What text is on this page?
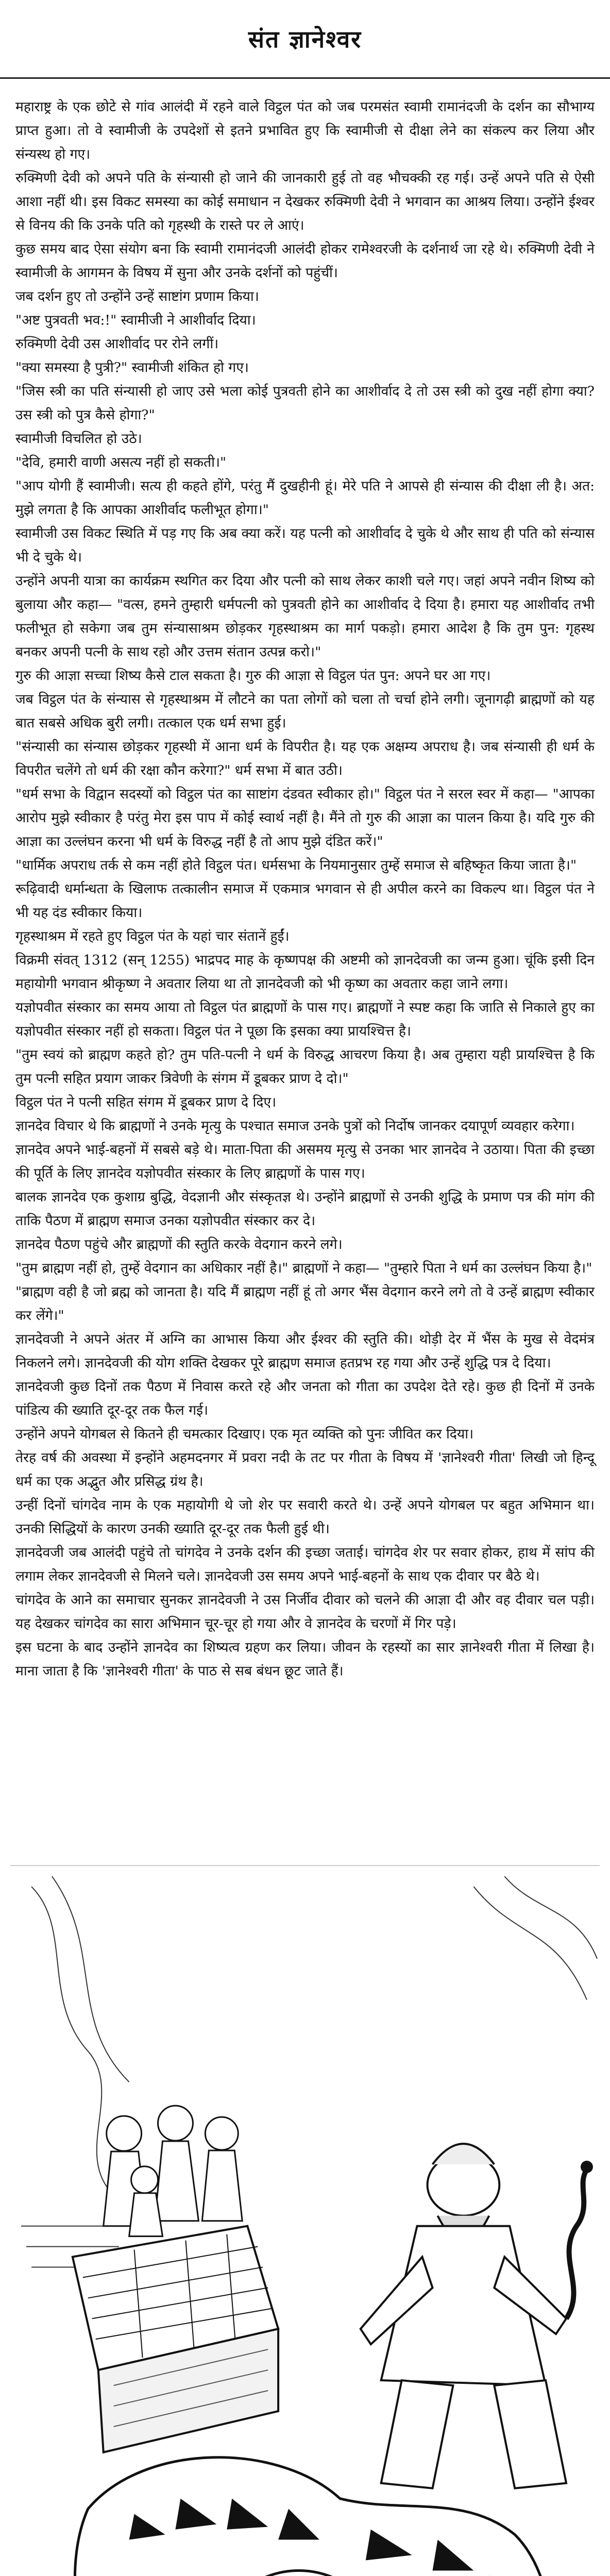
संत ज्ञानेश्वर

महाराष्ट्र के एक छोटे से गांव आलंदी में रहने वाले विट्ठल पंत को जब परमसंत स्वामी रामानंदजी के दर्शन का सौभाग्य प्राप्त हुआ। तो वे स्वामीजी के उपदेशों से इतने प्रभावित हुए कि स्वामीजी से दीक्षा लेने का संकल्प कर लिया और संन्यस्थ हो गए।

रुक्मिणी देवी को अपने पति के संन्यासी हो जाने की जानकारी हुई तो वह भौचक्की रह गई। उन्हें अपने पति से ऐसी आशा नहीं थी। इस विकट समस्या का कोई समाधान न देखकर रुक्मिणी देवी ने भगवान का आश्रय लिया। उन्होंने ईश्वर से विनय की कि उनके पति को गृहस्थी के रास्ते पर ले आएं।

कुछ समय बाद ऐसा संयोग बना कि स्वामी रामानंदजी आलंदी होकर रामेश्वरजी के दर्शनार्थ जा रहे थे। रुक्मिणी देवी ने स्वामीजी के आगमन के विषय में सुना और उनके दर्शनों को पहुंचीं।

जब दर्शन हुए तो उन्होंने उन्हें साष्टांग प्रणाम किया।

"अष्ट पुत्रवती भव:!" स्वामीजी ने आशीर्वाद दिया।

रुक्मिणी देवी उस आशीर्वाद पर रोने लगीं।

"क्या समस्या है पुत्री?" स्वामीजी शंकित हो गए।

"जिस स्त्री का पति संन्यासी हो जाए उसे भला कोई पुत्रवती होने का आशीर्वाद दे तो उस स्त्री को दुख नहीं होगा क्या? उस स्त्री को पुत्र कैसे होगा?"

स्वामीजी विचलित हो उठे।

"देवि, हमारी वाणी असत्य नहीं हो सकती।"

"आप योगी हैं स्वामीजी। सत्य ही कहते होंगे, परंतु मैं दुखहीनी हूं। मेरे पति ने आपसे ही संन्यास की दीक्षा ली है। अत: मुझे लगता है कि आपका आशीर्वाद फलीभूत होगा।"

स्वामीजी उस विकट स्थिति में पड़ गए कि अब क्या करें। यह पत्नी को आशीर्वाद दे चुके थे और साथ ही पति को संन्यास भी दे चुके थे।

उन्होंने अपनी यात्रा का कार्यक्रम स्थगित कर दिया और पत्नी को साथ लेकर काशी चले गए। जहां अपने नवीन शिष्य को बुलाया और कहा— "वत्स, हमने तुम्हारी धर्मपत्नी को पुत्रवती होने का आशीर्वाद दे दिया है। हमारा यह आशीर्वाद तभी फलीभूत हो सकेगा जब तुम संन्यासाश्रम छोड़कर गृहस्थाश्रम का मार्ग पकड़ो। हमारा आदेश है कि तुम पुन: गृहस्थ बनकर अपनी पत्नी के साथ रहो और उत्तम संतान उत्पन्न करो।"

गुरु की आज्ञा सच्चा शिष्य कैसे टाल सकता है। गुरु की आज्ञा से विट्ठल पंत पुन: अपने घर आ गए।

जब विट्ठल पंत के संन्यास से गृहस्थाश्रम में लौटने का पता लोगों को चला तो चर्चा होने लगी। जूनागढ़ी ब्राह्मणों को यह बात सबसे अधिक बुरी लगी। तत्काल एक धर्म सभा हुई।

"संन्यासी का संन्यास छोड़कर गृहस्थी में आना धर्म के विपरीत है। यह एक अक्षम्य अपराध है। जब संन्यासी ही धर्म के विपरीत चलेंगे तो धर्म की रक्षा कौन करेगा?" धर्म सभा में बात उठी।

"धर्म सभा के विद्वान सदस्यों को विट्ठल पंत का साष्टांग दंडवत स्वीकार हो।" विट्ठल पंत ने सरल स्वर में कहा— "आपका आरोप मुझे स्वीकार है परंतु मेरा इस पाप में कोई स्वार्थ नहीं है। मैंने तो गुरु की आज्ञा का पालन किया है। यदि गुरु की आज्ञा का उल्लंघन करना भी धर्म के विरुद्ध नहीं है तो आप मुझे दंडित करें।"

"धार्मिक अपराध तर्क से कम नहीं होते विट्ठल पंत। धर्मसभा के नियमानुसार तुम्हें समाज से बहिष्कृत किया जाता है।"

रूढ़िवादी धर्मान्धता के खिलाफ तत्कालीन समाज में एकमात्र भगवान से ही अपील करने का विकल्प था। विट्ठल पंत ने भी यह दंड स्वीकार किया।

गृहस्थाश्रम में रहते हुए विट्ठल पंत के यहां चार संतानें हुईं।

विक्रमी संवत् 1312 (सन् 1255) भाद्रपद माह के कृष्णपक्ष की अष्टमी को ज्ञानदेवजी का जन्म हुआ। चूंकि इसी दिन महायोगी भगवान श्रीकृष्ण ने अवतार लिया था तो ज्ञानदेवजी को भी कृष्ण का अवतार कहा जाने लगा।

यज्ञोपवीत संस्कार का समय आया तो विट्ठल पंत ब्राह्मणों के पास गए। ब्राह्मणों ने स्पष्ट कहा कि जाति से निकाले हुए का यज्ञोपवीत संस्कार नहीं हो सकता। विट्ठल पंत ने पूछा कि इसका क्या प्रायश्चित्त है।

"तुम स्वयं को ब्राह्मण कहते हो? तुम पति-पत्नी ने धर्म के विरुद्ध आचरण किया है। अब तुम्हारा यही प्रायश्चित्त है कि तुम पत्नी सहित प्रयाग जाकर त्रिवेणी के संगम में डूबकर प्राण दे दो।"

विट्ठल पंत ने पत्नी सहित संगम में डूबकर प्राण दे दिए।

ज्ञानदेव विचार थे कि ब्राह्मणों ने उनके मृत्यु के पश्चात समाज उनके पुत्रों को निर्दोष जानकर दयापूर्ण व्यवहार करेगा।

ज्ञानदेव अपने भाई-बहनों में सबसे बड़े थे। माता-पिता की असमय मृत्यु से उनका भार ज्ञानदेव ने उठाया। पिता की इच्छा की पूर्ति के लिए ज्ञानदेव यज्ञोपवीत संस्कार के लिए ब्राह्मणों के पास गए।

बालक ज्ञानदेव एक कुशाग्र बुद्धि, वेदज्ञानी और संस्कृतज्ञ थे। उन्होंने ब्राह्मणों से उनकी शुद्धि के प्रमाण पत्र की मांग की ताकि पैठण में ब्राह्मण समाज उनका यज्ञोपवीत संस्कार कर दे।

ज्ञानदेव पैठण पहुंचे और ब्राह्मणों की स्तुति करके वेदगान करने लगे।

"तुम ब्राह्मण नहीं हो, तुम्हें वेदगान का अधिकार नहीं है।" ब्राह्मणों ने कहा— "तुम्हारे पिता ने धर्म का उल्लंघन किया है।"

"ब्राह्मण वही है जो ब्रह्म को जानता है। यदि मैं ब्राह्मण नहीं हूं तो अगर भैंस वेदगान करने लगे तो वे उन्हें ब्राह्मण स्वीकार कर लेंगे।"

ज्ञानदेवजी ने अपने अंतर में अग्नि का आभास किया और ईश्वर की स्तुति की। थोड़ी देर में भैंस के मुख से वेदमंत्र निकलने लगे। ज्ञानदेवजी की योग शक्ति देखकर पूरे ब्राह्मण समाज हतप्रभ रह गया और उन्हें शुद्धि पत्र दे दिया।

ज्ञानदेवजी कुछ दिनों तक पैठण में निवास करते रहे और जनता को गीता का उपदेश देते रहे। कुछ ही दिनों में उनके पांडित्य की ख्याति दूर-दूर तक फैल गई।

उन्होंने अपने योगबल से कितने ही चमत्कार दिखाए। एक मृत व्यक्ति को पुनः जीवित कर दिया।

तेरह वर्ष की अवस्था में इन्होंने अहमदनगर में प्रवरा नदी के तट पर गीता के विषय में 'ज्ञानेश्वरी गीता' लिखी जो हिन्दू धर्म का एक अद्भुत और प्रसिद्ध ग्रंथ है।

उन्हीं दिनों चांगदेव नाम के एक महायोगी थे जो शेर पर सवारी करते थे। उन्हें अपने योगबल पर बहुत अभिमान था। उनकी सिद्धियों के कारण उनकी ख्याति दूर-दूर तक फैली हुई थी।

ज्ञानदेवजी जब आलंदी पहुंचे तो चांगदेव ने उनके दर्शन की इच्छा जताई। चांगदेव शेर पर सवार होकर, हाथ में सांप की लगाम लेकर ज्ञानदेवजी से मिलने चले। ज्ञानदेवजी उस समय अपने भाई-बहनों के साथ एक दीवार पर बैठे थे।

चांगदेव के आने का समाचार सुनकर ज्ञानदेवजी ने उस निर्जीव दीवार को चलने की आज्ञा दी और वह दीवार चल पड़ी। यह देखकर चांगदेव का सारा अभिमान चूर-चूर हो गया और वे ज्ञानदेव के चरणों में गिर पड़े।

इस घटना के बाद उन्होंने ज्ञानदेव का शिष्यत्व ग्रहण कर लिया। जीवन के रहस्यों का सार ज्ञानेश्वरी गीता में लिखा है। माना जाता है कि 'ज्ञानेश्वरी गीता' के पाठ से सब बंधन छूट जाते हैं।
